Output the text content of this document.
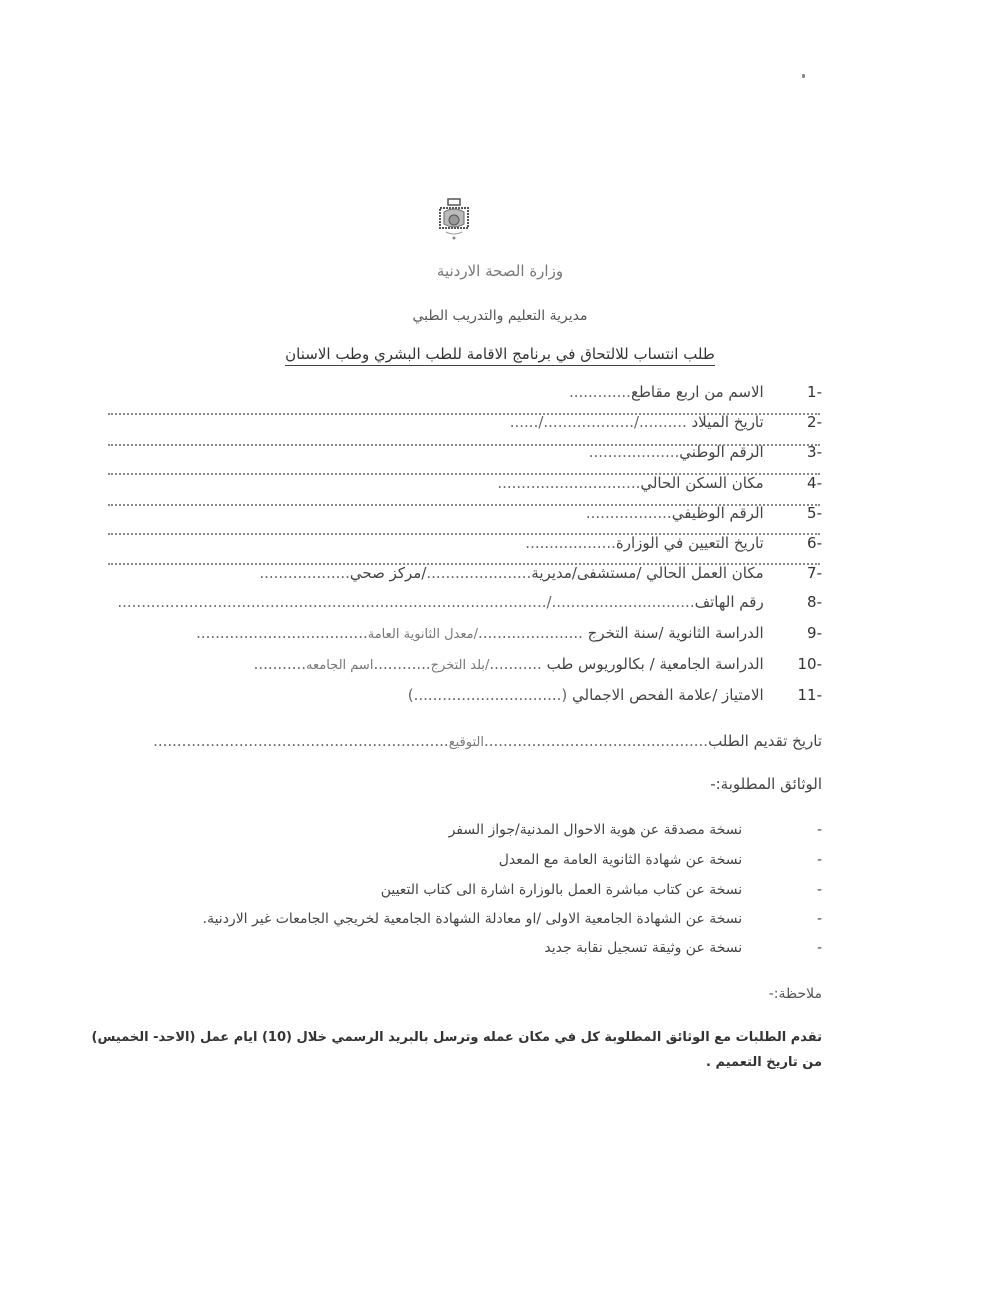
وزارة الصحة الاردنية
مديرية التعليم والتدريب الطبي
طلب انتساب للالتحاق في برنامج الاقامة للطب البشري وطب الاسنان
-1   الاسم من اربع مقاطع.............
-2   تاريخ الميلاد ........../.................../......
-3   الرقم الوطني...................
-4   مكان السكن الحالي..............................
-5   الرقم الوظيفي..................
-6   تاريخ التعيين في الوزارة...................
-7   مكان العمل الحالي /مستشفى/مديرية....................../مركز صحي...................
-8   رقم الهاتف............................../..........................................................................................
-9   الدراسة الثانوية /سنة التخرج ....................../معدل الثانوية العامة....................................
-10   الدراسة الجامعية / بكالوريوس طب .........../بلد التخرج............اسم الجامعه...........
-11   الامتياز /علامة الفحص الاجمالي (...............................)
تاريخ تقديم الطلب...............................................التوقيع..............................................................
الوثائق المطلوبة:-
-    نسخة مصدقة عن هوية الاحوال المدنية/جواز السفر
-    نسخة عن شهادة الثانوية العامة مع المعدل
-    نسخة عن كتاب مباشرة العمل بالوزارة اشارة الى كتاب التعيين
-    نسخة عن الشهادة الجامعية الاولى /او معادلة الشهادة الجامعية لخريجي الجامعات غير الاردنية.
-    نسخة عن وثيقة تسجيل نقابة جديد
ملاحظة:-
تقدم الطلبات مع الوثائق المطلوبة كل في مكان عمله وترسل بالبريد الرسمي خلال (10) ايام عمل (الاحد- الخميس)
من تاريخ التعميم .
